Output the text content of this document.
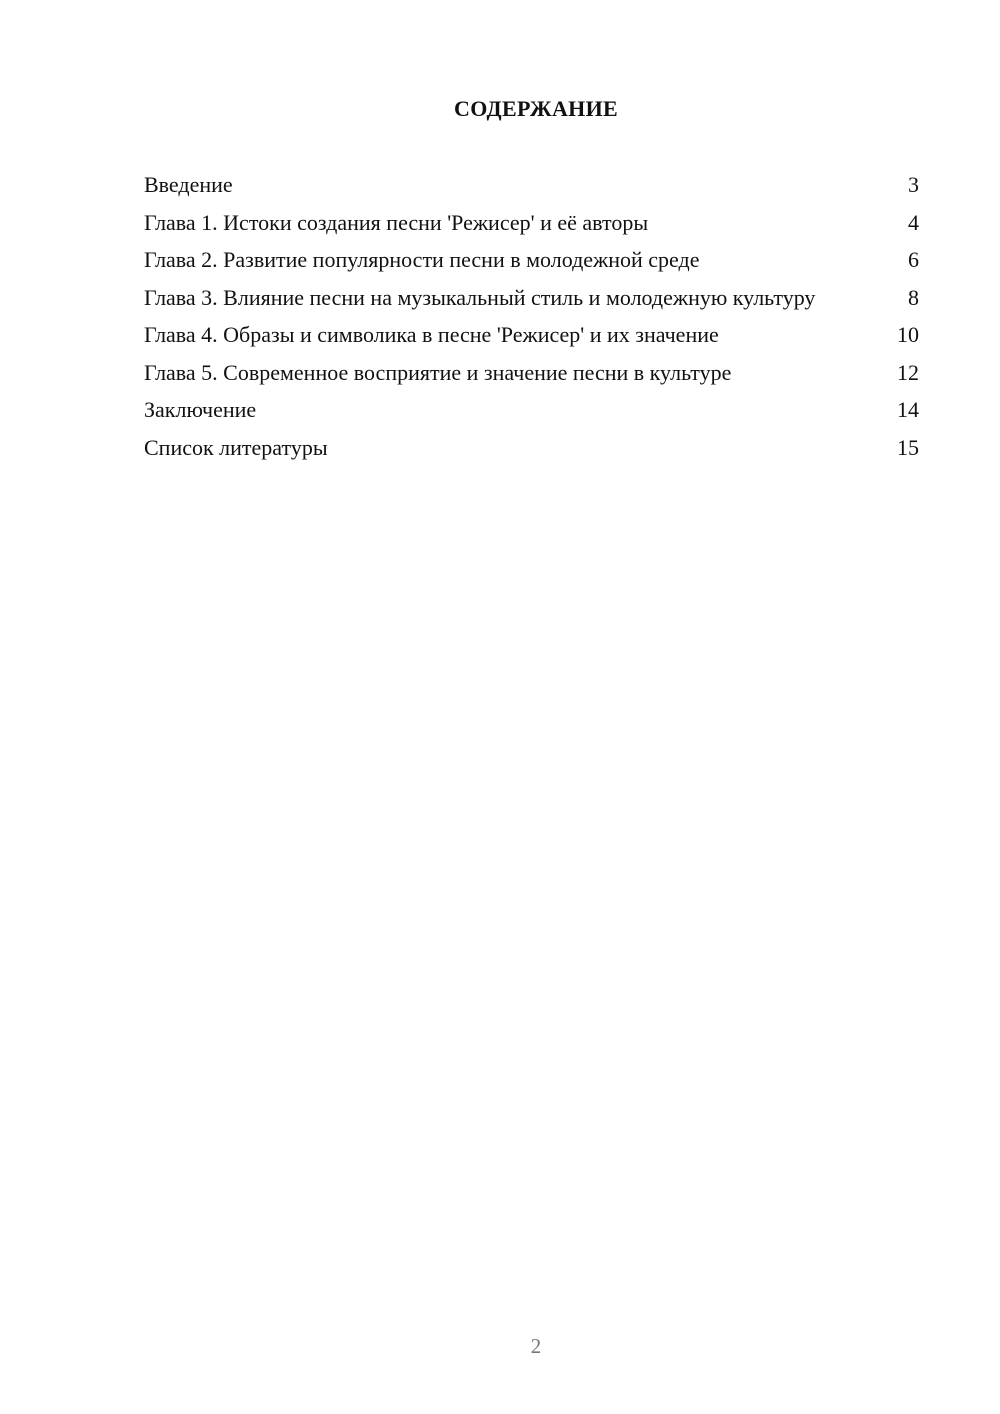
СОДЕРЖАНИЕ
Введение	3
Глава 1. Истоки создания песни 'Режисер' и её авторы	4
Глава 2. Развитие популярности песни в молодежной среде	6
Глава 3. Влияние песни на музыкальный стиль и молодежную культуру	8
Глава 4. Образы и символика в песне 'Режисер' и их значение	10
Глава 5. Современное восприятие и значение песни в культуре	12
Заключение	14
Список литературы	15
2
